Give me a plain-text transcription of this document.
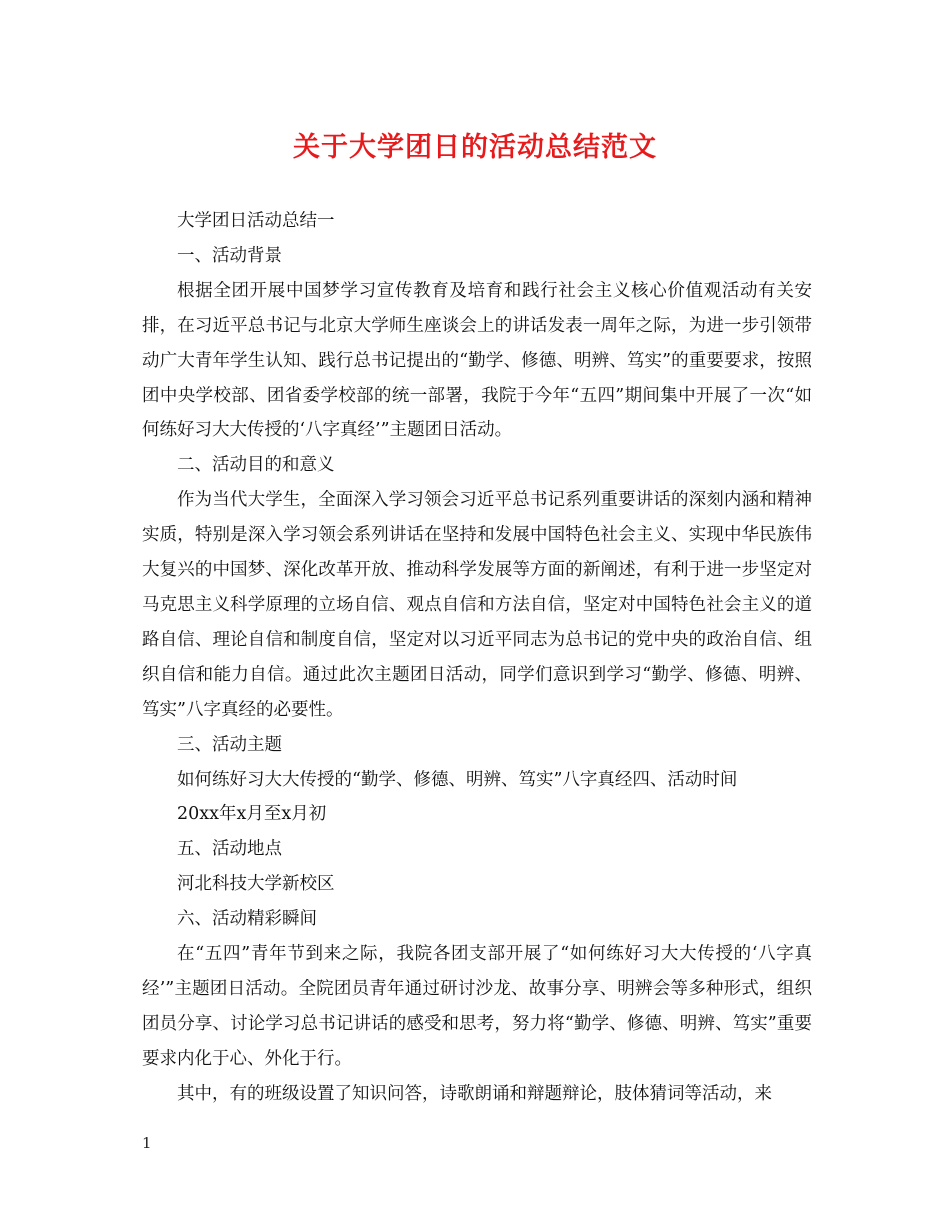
关于大学团日的活动总结范文

大学团日活动总结一

一、活动背景

根据全团开展中国梦学习宣传教育及培育和践行社会主义核心价值观活动有关安排，在习近平总书记与北京大学师生座谈会上的讲话发表一周年之际，为进一步引领带动广大青年学生认知、践行总书记提出的“勤学、修德、明辨、笃实”的重要要求，按照团中央学校部、团省委学校部的统一部署，我院于今年“五四”期间集中开展了一次“如何练好习大大传授的‘八字真经’”主题团日活动。

二、活动目的和意义

作为当代大学生，全面深入学习领会习近平总书记系列重要讲话的深刻内涵和精神实质，特别是深入学习领会系列讲话在坚持和发展中国特色社会主义、实现中华民族伟大复兴的中国梦、深化改革开放、推动科学发展等方面的新阐述，有利于进一步坚定对马克思主义科学原理的立场自信、观点自信和方法自信，坚定对中国特色社会主义的道路自信、理论自信和制度自信，坚定对以习近平同志为总书记的党中央的政治自信、组织自信和能力自信。通过此次主题团日活动，同学们意识到学习“勤学、修德、明辨、笃实”八字真经的必要性。

三、活动主题

如何练好习大大传授的“勤学、修德、明辨、笃实”八字真经四、活动时间

20xx年x月至x月初

五、活动地点

河北科技大学新校区

六、活动精彩瞬间

在“五四”青年节到来之际，我院各团支部开展了“如何练好习大大传授的‘八字真经’”主题团日活动。全院团员青年通过研讨沙龙、故事分享、明辨会等多种形式，组织团员分享、讨论学习总书记讲话的感受和思考，努力将“勤学、修德、明辨、笃实”重要要求内化于心、外化于行。

其中，有的班级设置了知识问答，诗歌朗诵和辩题辩论，肢体猜词等活动，来

1
